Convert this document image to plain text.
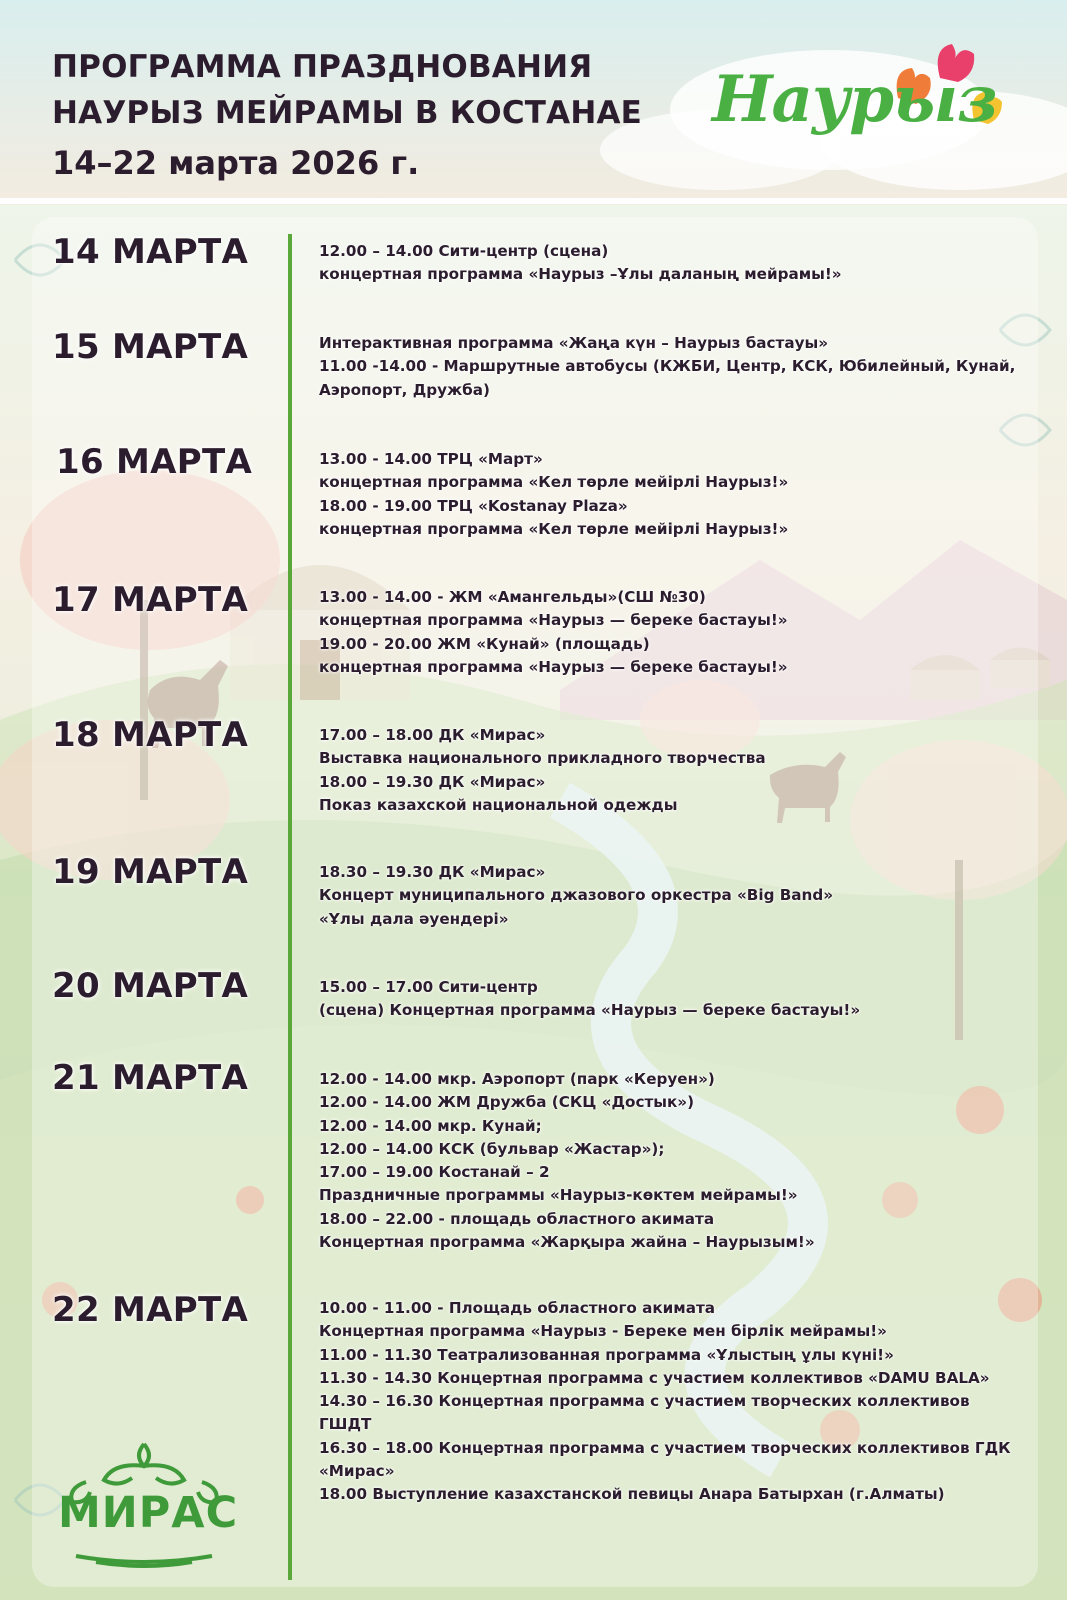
ПРОГРАММА ПРАЗДНОВАНИЯ
НАУРЫЗ МЕЙРАМЫ В КОСТАНАЕ
14–22 марта 2026 г.
Наурыз
14 МАРТА	12.00 – 14.00 Сити-центр (сцена)
концертная программа «Наурыз –Ұлы даланың мейрамы!»
15 МАРТА	Интерактивная программа «Жаңа күн – Наурыз бастауы»
11.00 -14.00 - Маршрутные автобусы (КЖБИ, Центр, КСК, Юбилейный, Кунай,
Аэропорт, Дружба)
16 МАРТА	13.00 - 14.00 ТРЦ «Март»
концертная программа «Кел төрле мейірлі Наурыз!»
18.00 - 19.00 ТРЦ «Kostanay Plaza»
концертная программа «Кел төрле мейірлі Наурыз!»
17 МАРТА	13.00 - 14.00 - ЖМ «Амангельды»(СШ №30)
концертная программа «Наурыз — береке бастауы!»
19.00 - 20.00 ЖМ «Кунай» (площадь)
концертная программа «Наурыз — береке бастауы!»
18 МАРТА	17.00 – 18.00 ДК «Мирас»
Выставка национального прикладного творчества
18.00 – 19.30 ДК «Мирас»
Показ казахской национальной одежды
19 МАРТА	18.30 – 19.30 ДК «Мирас»
Концерт муниципального джазового оркестра «Big Band»
«Ұлы дала әуендері»
20 МАРТА	15.00 – 17.00 Сити-центр
(сцена) Концертная программа «Наурыз — береке бастауы!»
21 МАРТА	12.00 - 14.00 мкр. Аэропорт (парк «Керуен»)
12.00 - 14.00 ЖМ Дружба (СКЦ «Достык»)
12.00 - 14.00 мкр. Кунай;
12.00 – 14.00 КСК (бульвар «Жастар»);
17.00 – 19.00 Костанай – 2
Праздничные программы «Наурыз-көктем мейрамы!»
18.00 – 22.00 - площадь областного акимата
Концертная программа «Жарқыра жайна – Наурызым!»
22 МАРТА	10.00 - 11.00 - Площадь областного акимата
Концертная программа «Наурыз - Береке мен бірлік мейрамы!»
11.00 - 11.30 Театрализованная программа «Ұлыстың ұлы күні!»
11.30 - 14.30 Концертная программа с участием коллективов «DAMU BALA»
14.30 – 16.30 Концертная программа с участием творческих коллективов
ГШДТ
16.30 – 18.00 Концертная программа с участием творческих коллективов ГДК
«Мирас»
18.00 Выступление казахстанской певицы Анара Батырхан (г.Алматы)
МИРАС
